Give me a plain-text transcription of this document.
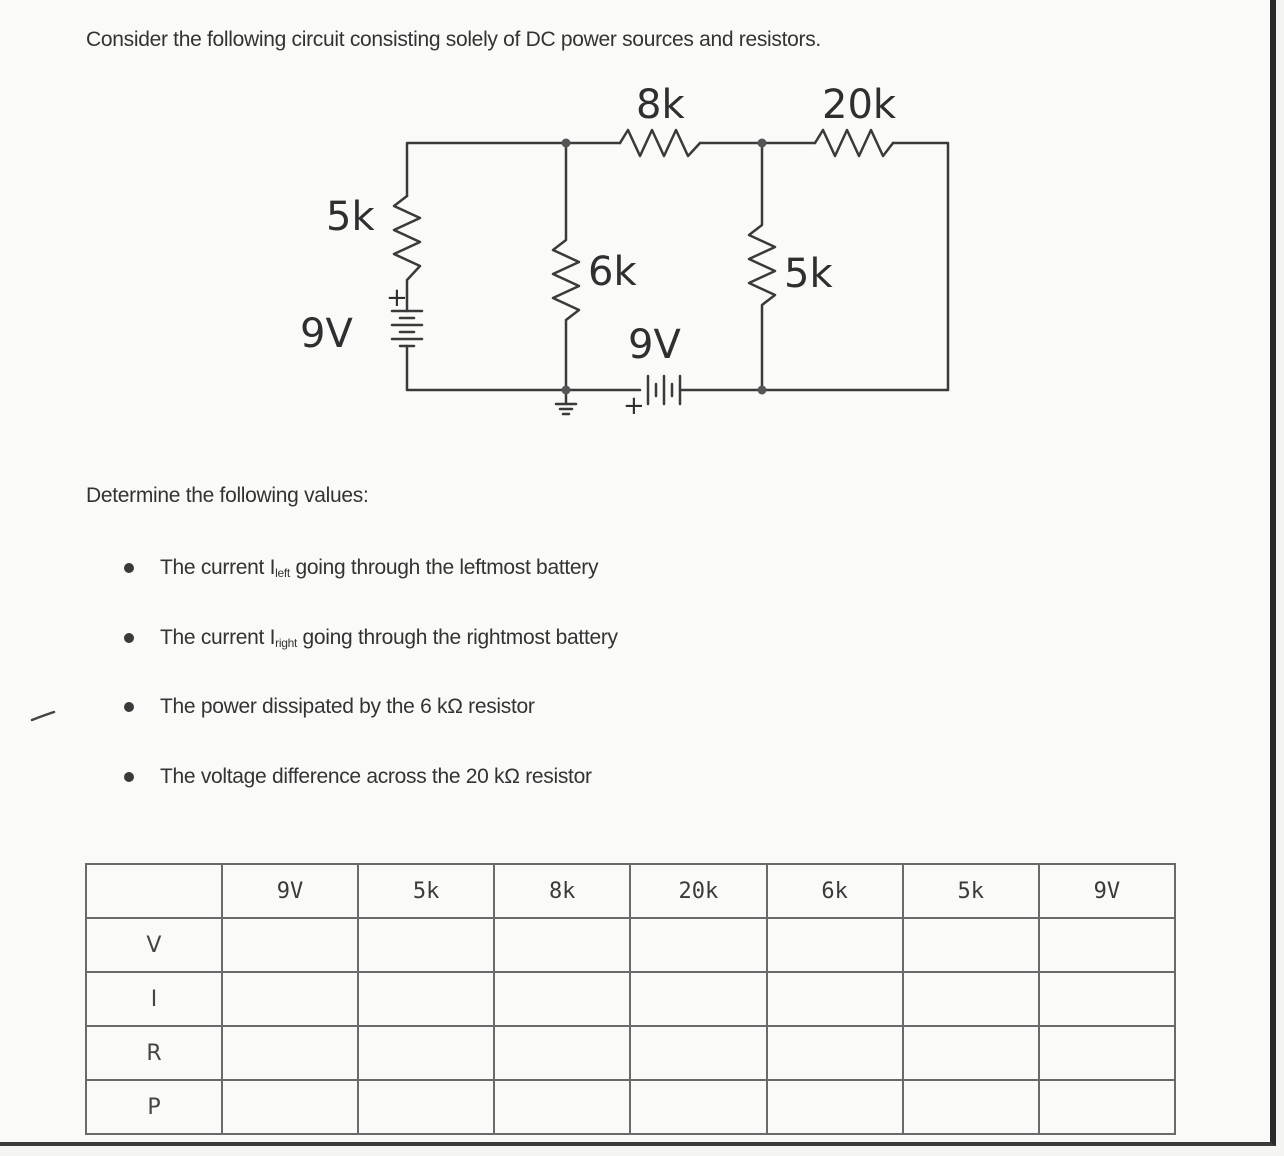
Consider the following circuit consisting solely of DC power sources and resistors.
8k	20k
5k
6k	5k
9V	9V
+
+
Determine the following values:
The current $I_{left}$ going through the leftmost battery
The current $I_{right}$ going through the rightmost battery
The power dissipated by the 6 kΩ resistor
The voltage difference across the 20 kΩ resistor
	9V	5k	8k	20k	6k	5k	9V
V							
I							
R							
P							
